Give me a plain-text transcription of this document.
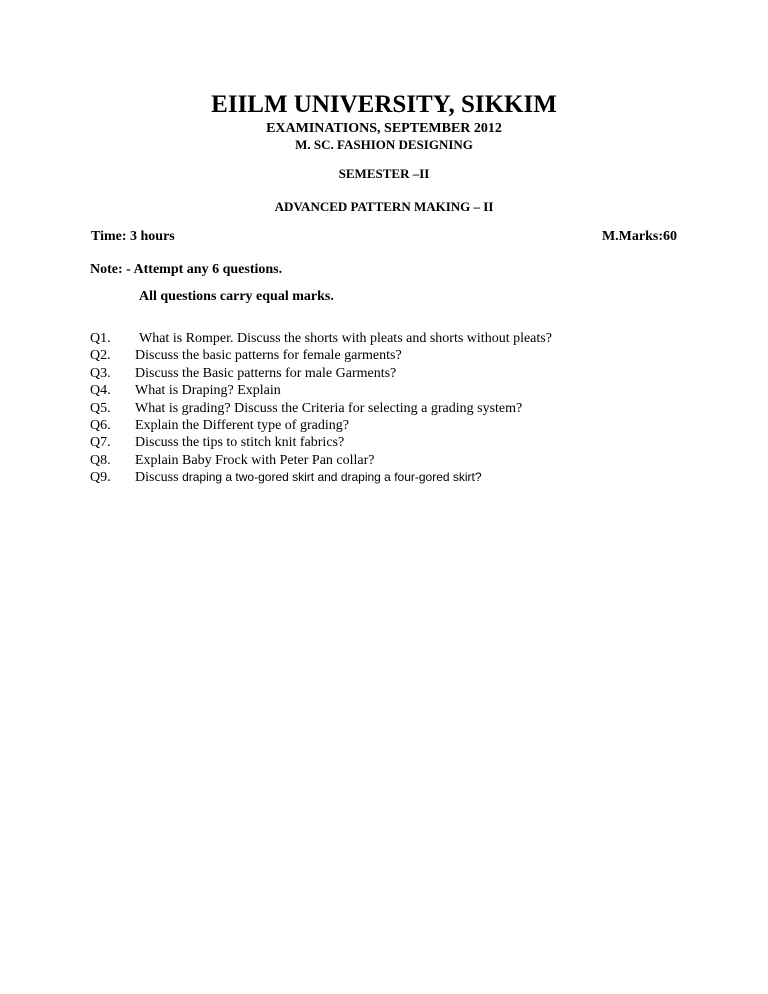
EIILM UNIVERSITY, SIKKIM
EXAMINATIONS, SEPTEMBER 2012
M. SC. FASHION DESIGNING
SEMESTER –II
ADVANCED PATTERN MAKING – II
Time: 3 hours	M.Marks:60
Note: - Attempt any 6 questions.
All questions carry equal marks.
Q1. What is Romper. Discuss the shorts with pleats and shorts without pleats?
Q2. Discuss the basic patterns for female garments?
Q3. Discuss the Basic patterns for male Garments?
Q4. What is Draping? Explain
Q5. What is grading? Discuss the Criteria for selecting a grading system?
Q6. Explain the Different type of grading?
Q7. Discuss the tips to stitch knit fabrics?
Q8. Explain Baby Frock with Peter Pan collar?
Q9. Discuss draping a two-gored skirt and draping a four-gored skirt?
